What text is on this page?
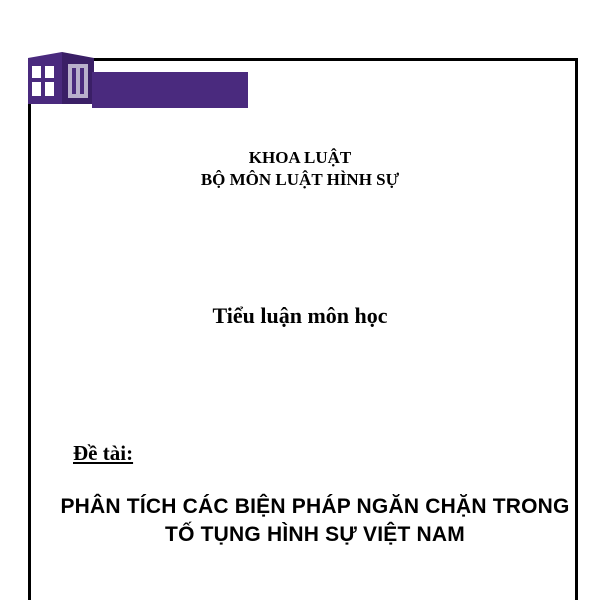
Vietbaocaothue24h
CHẤT LƯỢNG - UY TÍN - BẢO MẬT
KHOA LUẬT
BỘ MÔN LUẬT HÌNH SỰ
Tiểu luận môn học
Đề tài:
PHÂN TÍCH CÁC BIỆN PHÁP NGĂN CHẶN TRONG
TỐ TỤNG HÌNH SỰ VIỆT NAM
